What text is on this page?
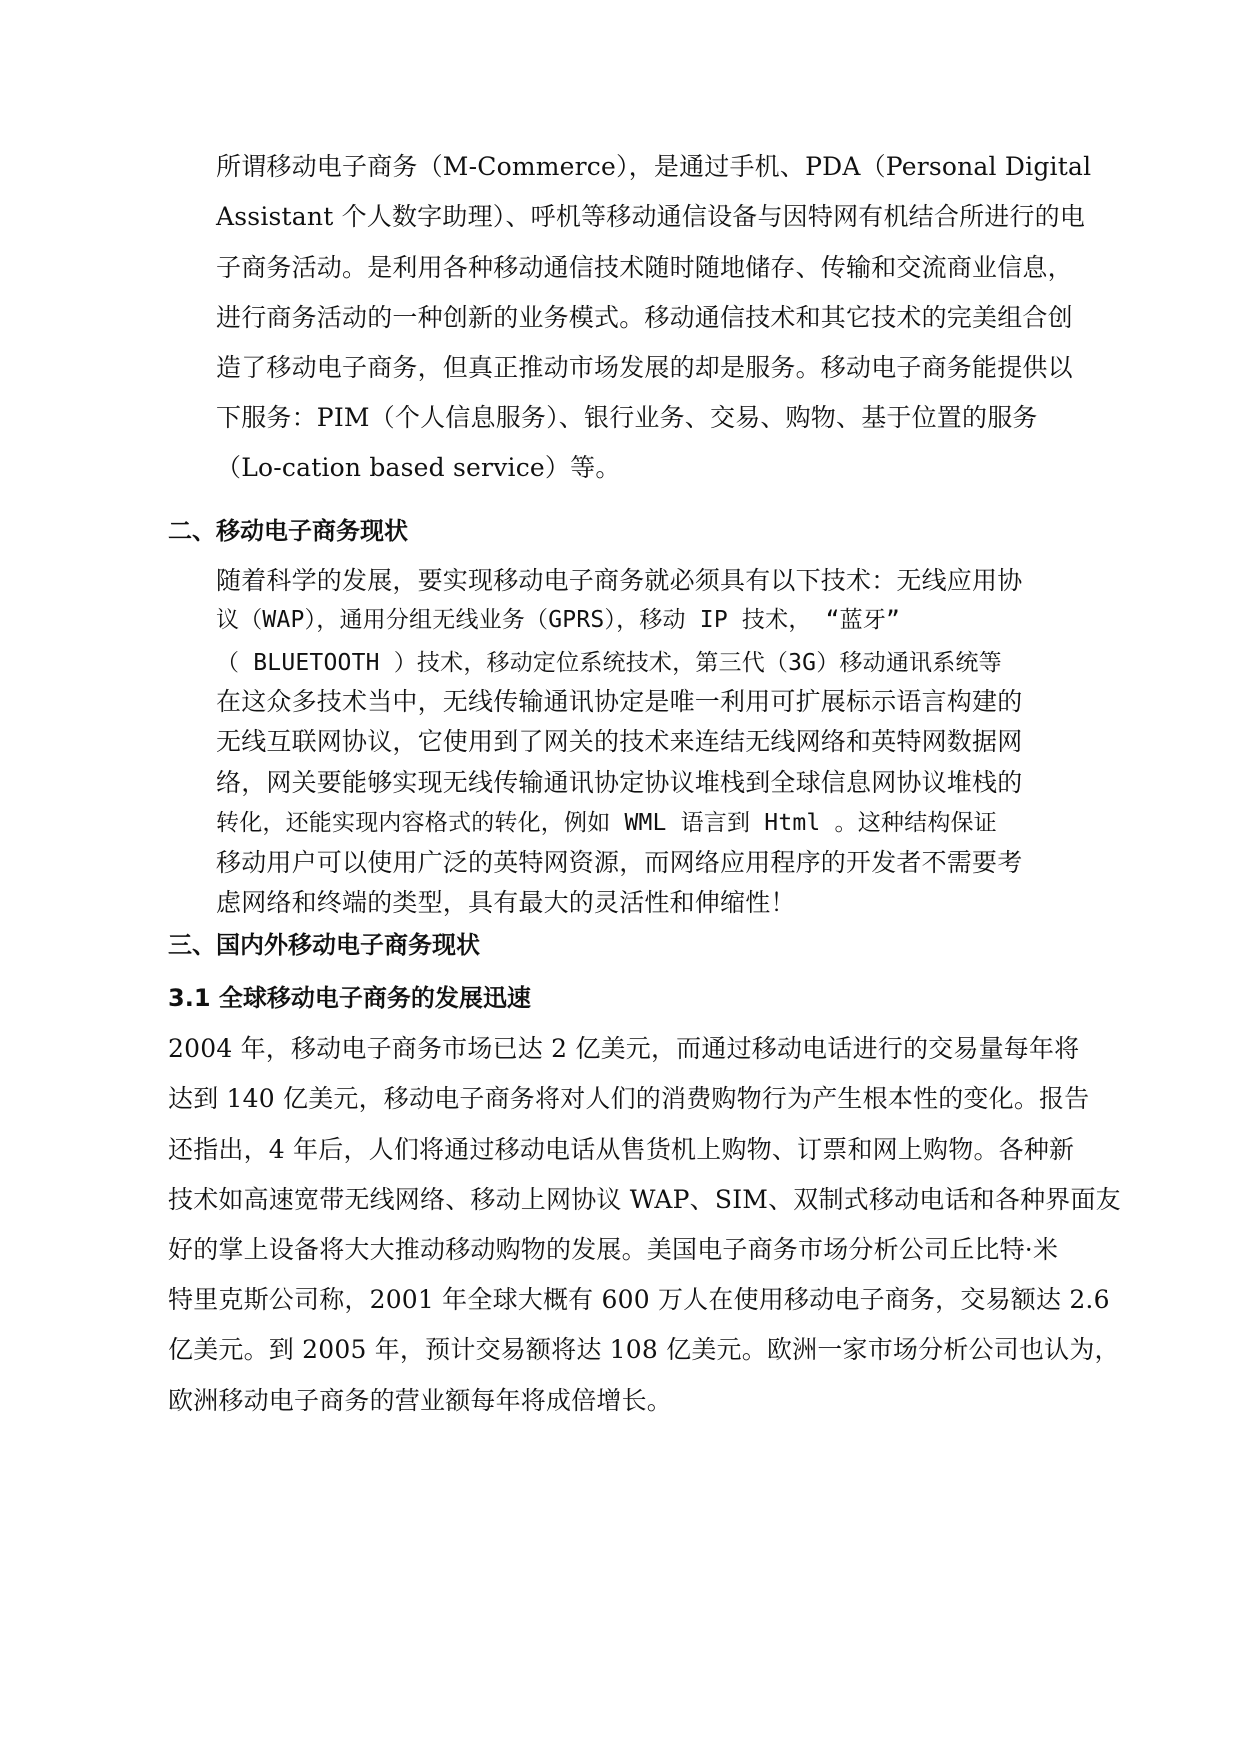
所谓移动电子商务（M-Commerce），是通过手机、PDA（Personal Digital
Assistant 个人数字助理）、呼机等移动通信设备与因特网有机结合所进行的电
子商务活动。是利用各种移动通信技术随时随地储存、传输和交流商业信息，
进行商务活动的一种创新的业务模式。移动通信技术和其它技术的完美组合创
造了移动电子商务，但真正推动市场发展的却是服务。移动电子商务能提供以
下服务：PIM（个人信息服务）、银行业务、交易、购物、基于位置的服务
（Lo-cation based service）等。
二、移动电子商务现状
随着科学的发展，要实现移动电子商务就必须具有以下技术：无线应用协
议（WAP），通用分组无线业务（GPRS），移动 IP 技术， “蓝牙”
（ BLUETOOTH ）技术，移动定位系统技术，第三代（3G）移动通讯系统等
在这众多技术当中，无线传输通讯协定是唯一利用可扩展标示语言构建的
无线互联网协议，它使用到了网关的技术来连结无线网络和英特网数据网
络，网关要能够实现无线传输通讯协定协议堆栈到全球信息网协议堆栈的
转化，还能实现内容格式的转化，例如 WML 语言到 Html 。这种结构保证
移动用户可以使用广泛的英特网资源，而网络应用程序的开发者不需要考
虑网络和终端的类型，具有最大的灵活性和伸缩性！
三、国内外移动电子商务现状
3.1 全球移动电子商务的发展迅速
2004 年，移动电子商务市场已达 2 亿美元，而通过移动电话进行的交易量每年将
达到 140 亿美元，移动电子商务将对人们的消费购物行为产生根本性的变化。报告
还指出，4 年后，人们将通过移动电话从售货机上购物、订票和网上购物。各种新
技术如高速宽带无线网络、移动上网协议 WAP、SIM、双制式移动电话和各种界面友
好的掌上设备将大大推动移动购物的发展。美国电子商务市场分析公司丘比特·米
特里克斯公司称，2001 年全球大概有 600 万人在使用移动电子商务，交易额达 2.6
亿美元。到 2005 年，预计交易额将达 108 亿美元。欧洲一家市场分析公司也认为，
欧洲移动电子商务的营业额每年将成倍增长。
